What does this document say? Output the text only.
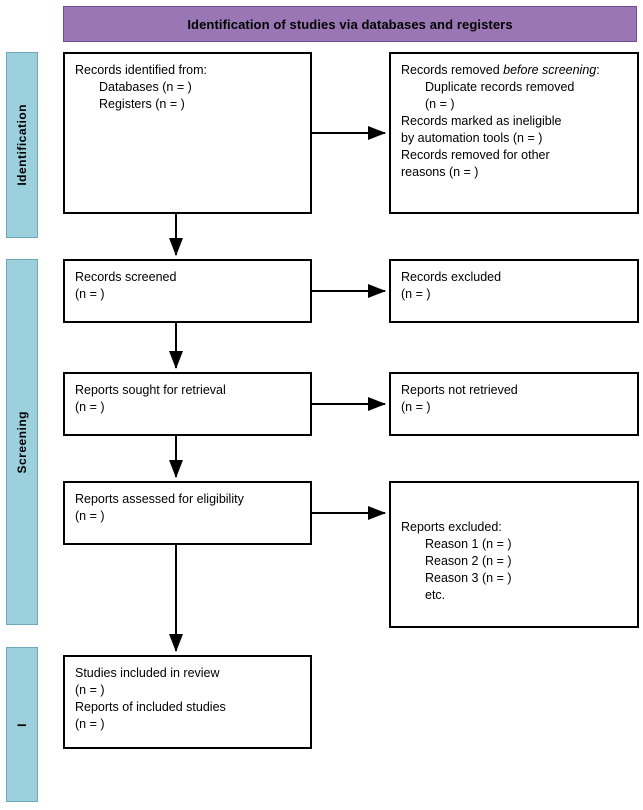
Identification of studies via databases and registers
Identification
Screening
I
Records identified from:
Databases (n = )
Registers (n = )
Records removed before screening:
Duplicate records removed
(n = )
Records marked as ineligible
by automation tools (n = )
Records removed for other
reasons (n = )
Records screened
(n = )
Records excluded
(n = )
Reports sought for retrieval
(n = )
Reports not retrieved
(n = )
Reports assessed for eligibility
(n = )
Reports excluded:
Reason 1 (n = )
Reason 2 (n = )
Reason 3 (n = )
etc.
Studies included in review
(n = )
Reports of included studies
(n = )
